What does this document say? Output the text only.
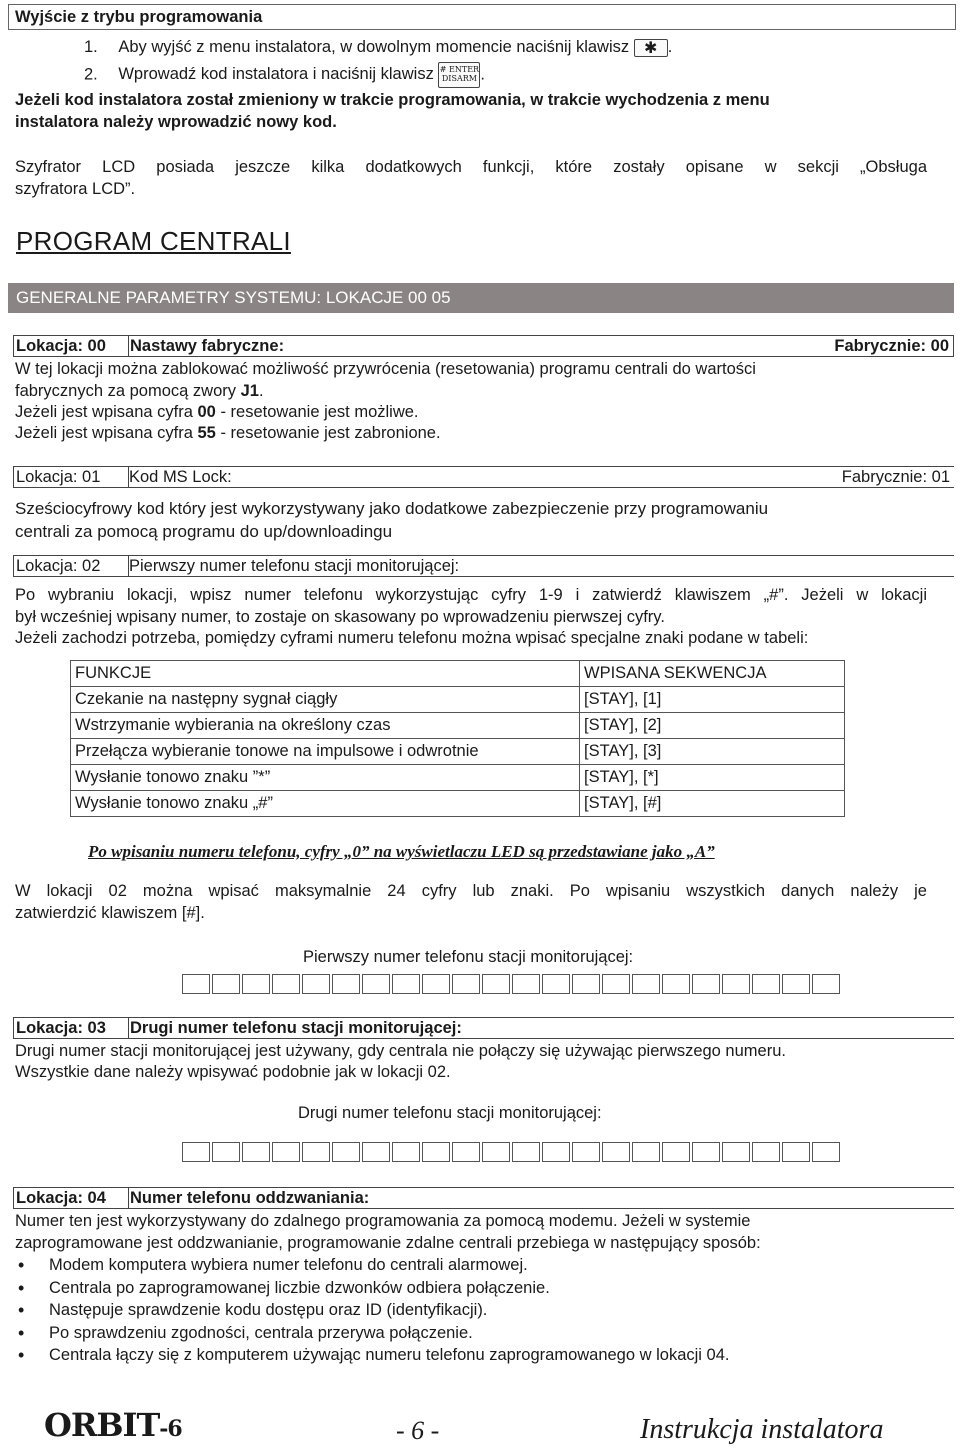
Wyjście z trybu programowania
1. Aby wyjść z menu instalatora, w dowolnym momencie naciśnij klawisz ✱ .
2. Wprowadź kod instalatora i naciśnij klawisz # ENTER
DISARM .
Jeżeli kod instalatora został zmieniony w trakcie programowania, w trakcie wychodzenia z menu
instalatora należy wprowadzić nowy kod.
Szyfrator LCD posiada jeszcze kilka dodatkowych funkcji, które zostały opisane w sekcji „Obsługa
szyfratora LCD”.
PROGRAM CENTRALI
GENERALNE PARAMETRY SYSTEMU: LOKACJE 00 05
Lokacja: 00	Nastawy fabryczne:	Fabrycznie: 00
W tej lokacji można zablokować możliwość przywrócenia (resetowania) programu centrali do wartości
fabrycznych za pomocą zwory J1.
Jeżeli jest wpisana cyfra 00 - resetowanie jest możliwe.
Jeżeli jest wpisana cyfra 55 - resetowanie jest zabronione.
Lokacja: 01	Kod MS Lock:	Fabrycznie: 01
Sześciocyfrowy kod który jest wykorzystywany jako dodatkowe zabezpieczenie przy programowaniu
centrali za pomocą programu do up/downloadingu
Lokacja: 02	Pierwszy numer telefonu stacji monitorującej:
Po wybraniu lokacji, wpisz numer telefonu wykorzystując cyfry 1-9 i zatwierdź klawiszem „#”. Jeżeli w lokacji
był wcześniej wpisany numer, to zostaje on skasowany po wprowadzeniu pierwszej cyfry.
Jeżeli zachodzi potrzeba, pomiędzy cyframi numeru telefonu można wpisać specjalne znaki podane w tabeli:
FUNKCJE	WPISANA SEKWENCJA
Czekanie na następny sygnał ciągły	[STAY], [1]
Wstrzymanie wybierania na określony czas	[STAY], [2]
Przełącza wybieranie tonowe na impulsowe i odwrotnie	[STAY], [3]
Wysłanie tonowo znaku ”*”	[STAY], [*]
Wysłanie tonowo znaku „#”	[STAY], [#]
Po wpisaniu numeru telefonu, cyfry „0” na wyświetlaczu LED są przedstawiane jako „A”
W lokacji 02 można wpisać maksymalnie 24 cyfry lub znaki. Po wpisaniu wszystkich danych należy je
zatwierdzić klawiszem [#].
Pierwszy numer telefonu stacji monitorującej:
Lokacja: 03	Drugi numer telefonu stacji monitorującej:
Drugi numer stacji monitorującej jest używany, gdy centrala nie połączy się używając pierwszego numeru.
Wszystkie dane należy wpisywać podobnie jak w lokacji 02.
Drugi numer telefonu stacji monitorującej:
Lokacja: 04	Numer telefonu oddzwaniania:
Numer ten jest wykorzystywany do zdalnego programowania za pomocą modemu. Jeżeli w systemie
zaprogramowane jest oddzwanianie, programowanie zdalne centrali przebiega w następujący sposób:
• Modem komputera wybiera numer telefonu do centrali alarmowej.
• Centrala po zaprogramowanej liczbie dzwonków odbiera połączenie.
• Następuje sprawdzenie kodu dostępu oraz ID (identyfikacji).
• Po sprawdzeniu zgodności, centrala przerywa połączenie.
• Centrala łączy się z komputerem używając numeru telefonu zaprogramowanego w lokacji 04.
ORBIT-6	- 6 -	Instrukcja instalatora
